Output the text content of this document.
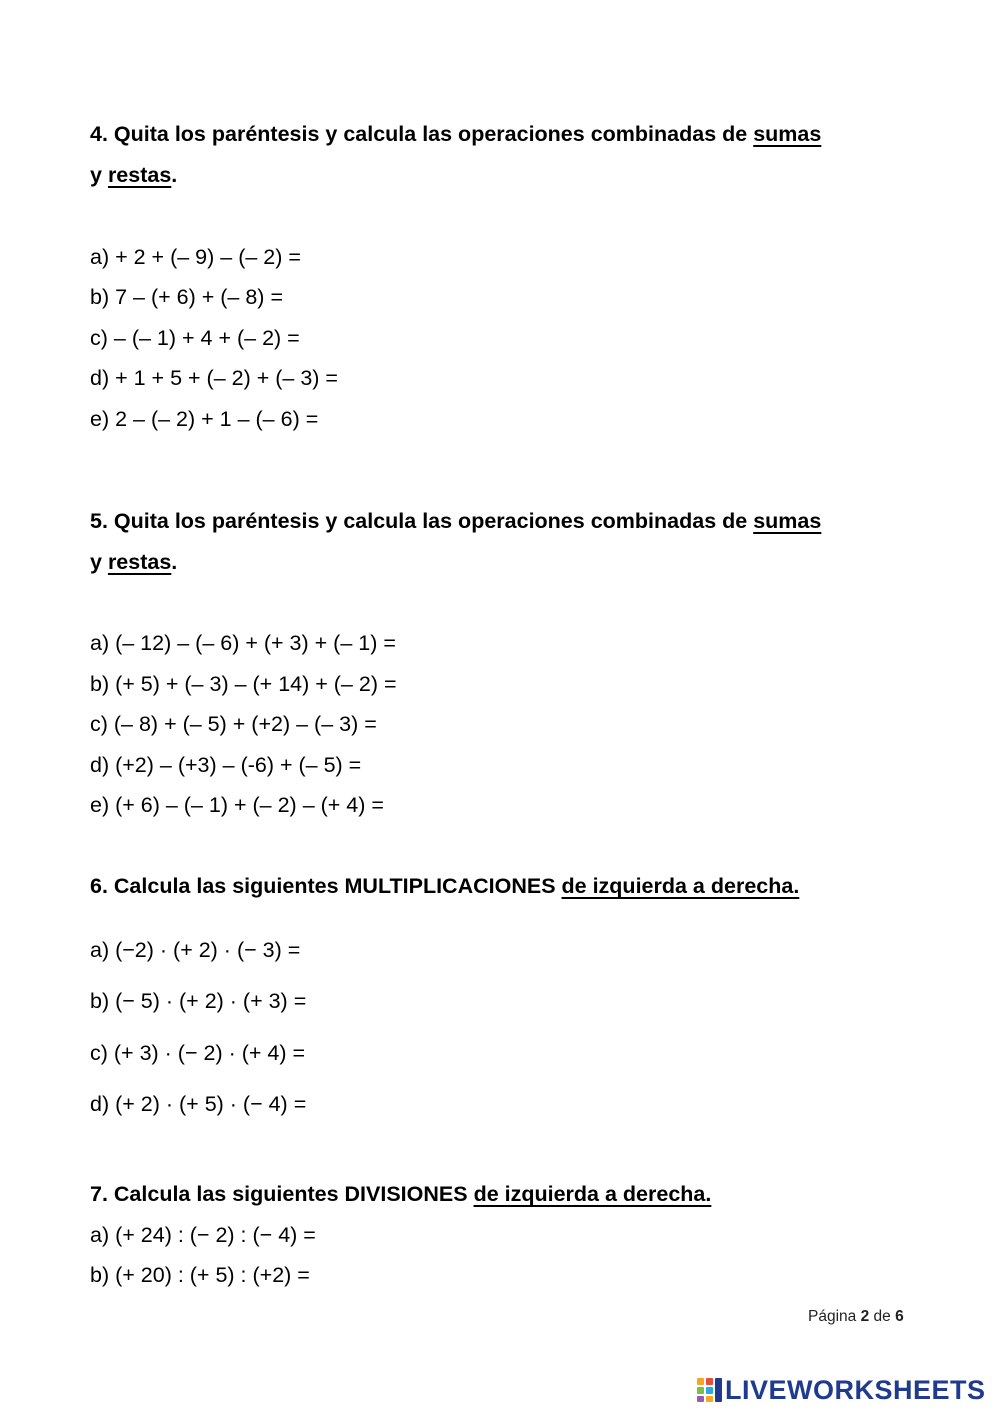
4. Quita los paréntesis y calcula las operaciones combinadas de sumas
y restas.
a) + 2 + (– 9) – (– 2) =
b) 7 – (+ 6) + (– 8) =
c) – (– 1) + 4 + (– 2) =
d) + 1 + 5 + (– 2) + (– 3) =
e) 2 – (– 2) + 1 – (– 6) =
5. Quita los paréntesis y calcula las operaciones combinadas de sumas
y restas.
a) (– 12) – (– 6) + (+ 3) + (– 1) =
b) (+ 5) + (– 3) – (+ 14) + (– 2) =
c) (– 8) + (– 5) + (+2) – (– 3) =
d) (+2) – (+3) – (-6) + (– 5) =
e) (+ 6) – (– 1) + (– 2) – (+ 4) =
6. Calcula las siguientes MULTIPLICACIONES de izquierda a derecha.
a) (−2) · (+ 2) · (− 3) =
b) (− 5) · (+ 2) · (+ 3) =
c) (+ 3) · (− 2) · (+ 4) =
d) (+ 2) · (+ 5) · (− 4) =
7. Calcula las siguientes DIVISIONES de izquierda a derecha.
a) (+ 24) : (− 2) : (− 4) =
b) (+ 20) : (+ 5) : (+2) =
Página 2 de 6
LIVEWORKSHEETS
